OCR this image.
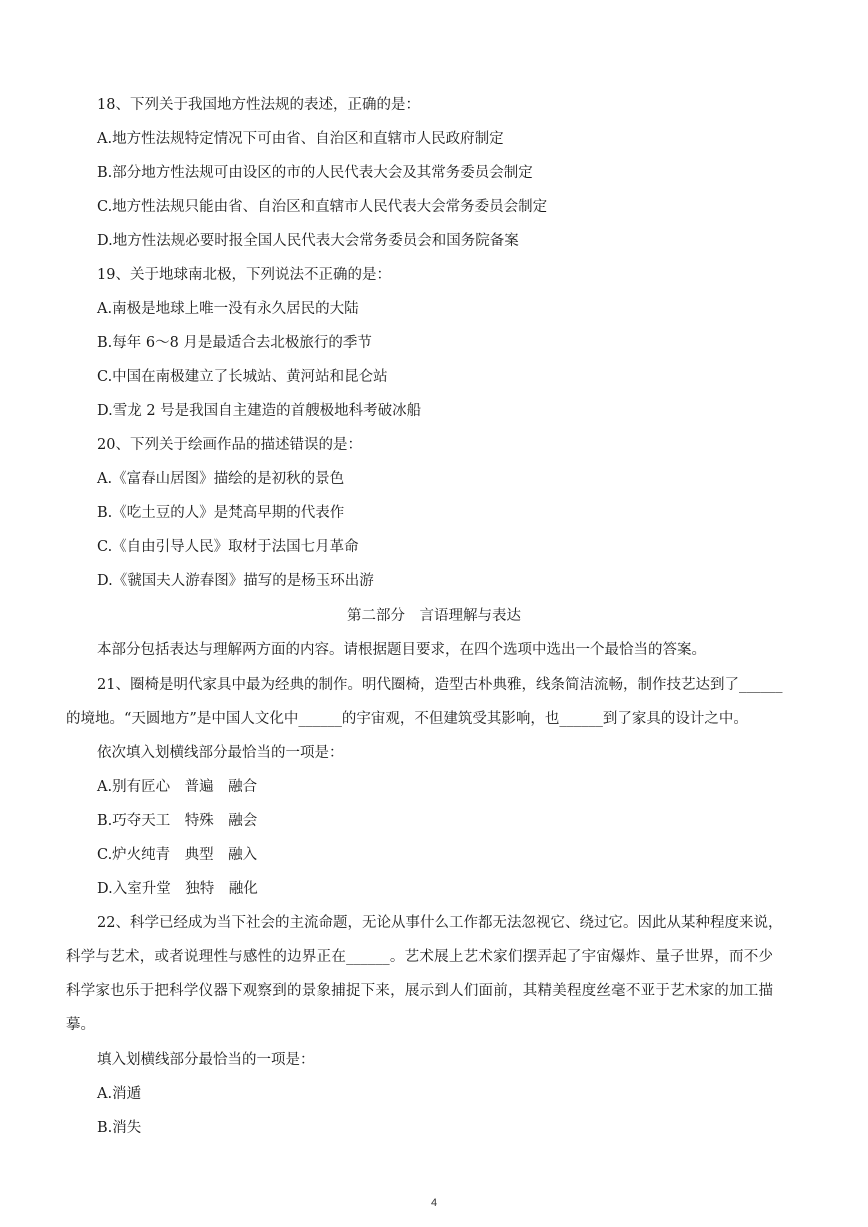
18、下列关于我国地方性法规的表述，正确的是：
A.地方性法规特定情况下可由省、自治区和直辖市人民政府制定
B.部分地方性法规可由设区的市的人民代表大会及其常务委员会制定
C.地方性法规只能由省、自治区和直辖市人民代表大会常务委员会制定
D.地方性法规必要时报全国人民代表大会常务委员会和国务院备案
19、关于地球南北极，下列说法不正确的是：
A.南极是地球上唯一没有永久居民的大陆
B.每年 6～8 月是最适合去北极旅行的季节
C.中国在南极建立了长城站、黄河站和昆仑站
D.雪龙 2 号是我国自主建造的首艘极地科考破冰船
20、下列关于绘画作品的描述错误的是：
A.《富春山居图》描绘的是初秋的景色
B.《吃土豆的人》是梵高早期的代表作
C.《自由引导人民》取材于法国七月革命
D.《虢国夫人游春图》描写的是杨玉环出游
第二部分　言语理解与表达
本部分包括表达与理解两方面的内容。请根据题目要求，在四个选项中选出一个最恰当的答案。
21、圈椅是明代家具中最为经典的制作。明代圈椅，造型古朴典雅，线条简洁流畅，制作技艺达到了______
的境地。“天圆地方”是中国人文化中______的宇宙观，不但建筑受其影响，也______到了家具的设计之中。
依次填入划横线部分最恰当的一项是：
A.别有匠心　普遍　融合
B.巧夺天工　特殊　融会
C.炉火纯青　典型　融入
D.入室升堂　独特　融化
22、科学已经成为当下社会的主流命题，无论从事什么工作都无法忽视它、绕过它。因此从某种程度来说，
科学与艺术，或者说理性与感性的边界正在______。艺术展上艺术家们摆弄起了宇宙爆炸、量子世界，而不少
科学家也乐于把科学仪器下观察到的景象捕捉下来，展示到人们面前，其精美程度丝毫不亚于艺术家的加工描
摹。
填入划横线部分最恰当的一项是：
A.消遁
B.消失
4
